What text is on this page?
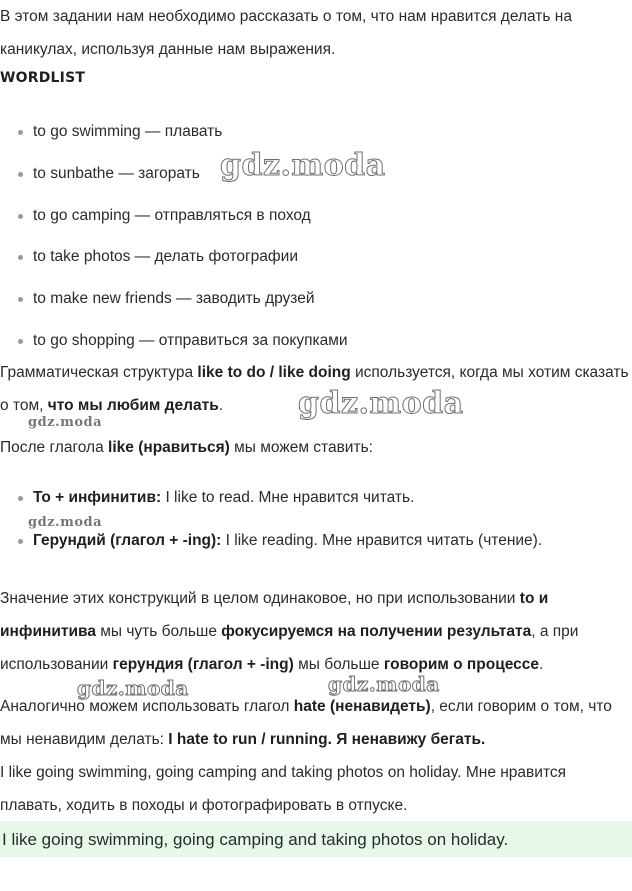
В этом задании нам необходимо рассказать о том, что нам нравится делать на каникулах, используя данные нам выражения.

WORDLIST
to go swimming — плавать
to sunbathe — загорать
to go camping — отправляться в поход
to take photos — делать фотографии
to make new friends — заводить друзей
to go shopping — отправиться за покупками

Грамматическая структура like to do / like doing используется, когда мы хотим сказать о том, что мы любим делать.

После глагола like (нравиться) мы можем ставить:

To + инфинитив: I like to read. Мне нравится читать.
Герундий (глагол + -ing): I like reading. Мне нравится читать (чтение).

Значение этих конструкций в целом одинаковое, но при использовании to и инфинитива мы чуть больше фокусируемся на получении результата, а при использовании герундия (глагол + -ing) мы больше говорим о процессе.

Аналогично можем использовать глагол hate (ненавидеть), если говорим о том, что мы ненавидим делать: I hate to run / running. Я ненавижу бегать.

I like going swimming, going camping and taking photos on holiday. Мне нравится плавать, ходить в походы и фотографировать в отпуске.

I like going swimming, going camping and taking photos on holiday.
gdz.moda
gdz.moda
gdz.moda
gdz.moda
gdz.moda	gdz.moda
